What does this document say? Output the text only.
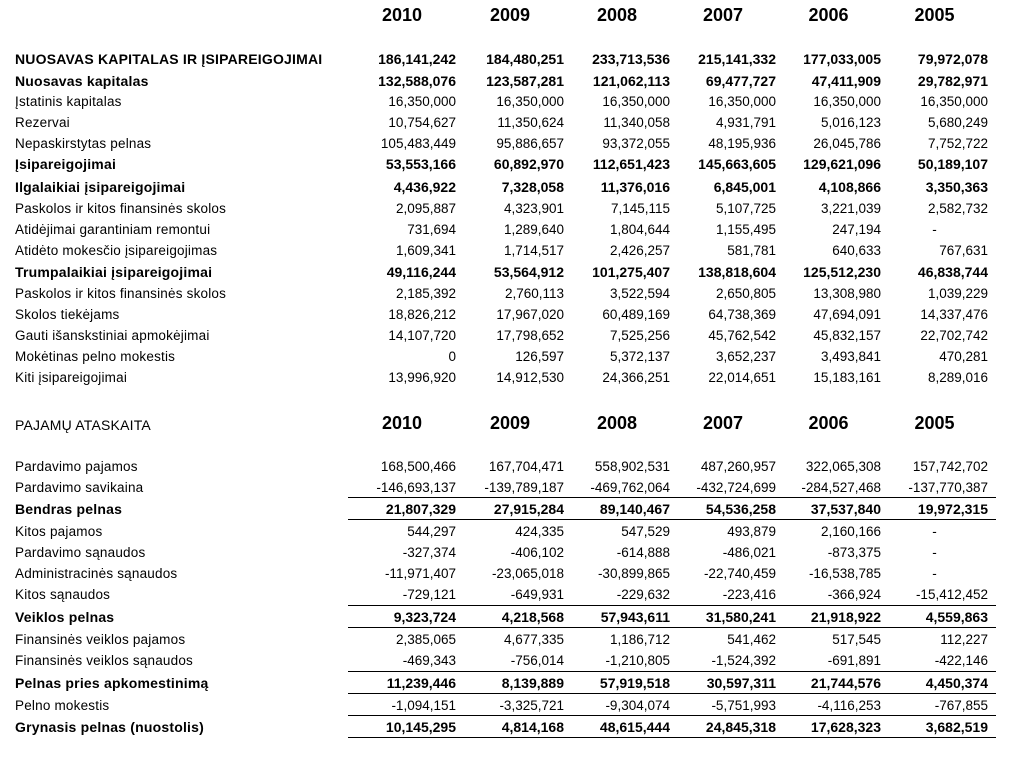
2010	2009	2008	2007	2006	2005
NUOSAVAS KAPITALAS IR ĮSIPAREIGOJIMAI	186,141,242	184,480,251	233,713,536	215,141,332	177,033,005	79,972,078
Nuosavas kapitalas	132,588,076	123,587,281	121,062,113	69,477,727	47,411,909	29,782,971
Įstatinis kapitalas	16,350,000	16,350,000	16,350,000	16,350,000	16,350,000	16,350,000
Rezervai	10,754,627	11,350,624	11,340,058	4,931,791	5,016,123	5,680,249
Nepaskirstytas pelnas	105,483,449	95,886,657	93,372,055	48,195,936	26,045,786	7,752,722
Įsipareigojimai	53,553,166	60,892,970	112,651,423	145,663,605	129,621,096	50,189,107
Ilgalaikiai įsipareigojimai	4,436,922	7,328,058	11,376,016	6,845,001	4,108,866	3,350,363
Paskolos ir kitos finansinės skolos	2,095,887	4,323,901	7,145,115	5,107,725	3,221,039	2,582,732
Atidėjimai garantiniam remontui	731,694	1,289,640	1,804,644	1,155,495	247,194	-
Atidėto mokesčio įsipareigojimas	1,609,341	1,714,517	2,426,257	581,781	640,633	767,631
Trumpalaikiai įsipareigojimai	49,116,244	53,564,912	101,275,407	138,818,604	125,512,230	46,838,744
Paskolos ir kitos finansinės skolos	2,185,392	2,760,113	3,522,594	2,650,805	13,308,980	1,039,229
Skolos tiekėjams	18,826,212	17,967,020	60,489,169	64,738,369	47,694,091	14,337,476
Gauti išanskstiniai apmokėjimai	14,107,720	17,798,652	7,525,256	45,762,542	45,832,157	22,702,742
Mokėtinas pelno mokestis	0	126,597	5,372,137	3,652,237	3,493,841	470,281
Kiti įsipareigojimai	13,996,920	14,912,530	24,366,251	22,014,651	15,183,161	8,289,016
PAJAMŲ ATASKAITA	2010	2009	2008	2007	2006	2005
Pardavimo pajamos	168,500,466	167,704,471	558,902,531	487,260,957	322,065,308	157,742,702
Pardavimo savikaina	-146,693,137	-139,789,187	-469,762,064	-432,724,699	-284,527,468	-137,770,387
Bendras pelnas	21,807,329	27,915,284	89,140,467	54,536,258	37,537,840	19,972,315
Kitos pajamos	544,297	424,335	547,529	493,879	2,160,166	-
Pardavimo sąnaudos	-327,374	-406,102	-614,888	-486,021	-873,375	-
Administracinės sąnaudos	-11,971,407	-23,065,018	-30,899,865	-22,740,459	-16,538,785	-
Kitos sąnaudos	-729,121	-649,931	-229,632	-223,416	-366,924	-15,412,452
Veiklos pelnas	9,323,724	4,218,568	57,943,611	31,580,241	21,918,922	4,559,863
Finansinės veiklos pajamos	2,385,065	4,677,335	1,186,712	541,462	517,545	112,227
Finansinės veiklos sąnaudos	-469,343	-756,014	-1,210,805	-1,524,392	-691,891	-422,146
Pelnas pries apkomestinimą	11,239,446	8,139,889	57,919,518	30,597,311	21,744,576	4,450,374
Pelno mokestis	-1,094,151	-3,325,721	-9,304,074	-5,751,993	-4,116,253	-767,855
Grynasis pelnas (nuostolis)	10,145,295	4,814,168	48,615,444	24,845,318	17,628,323	3,682,519
